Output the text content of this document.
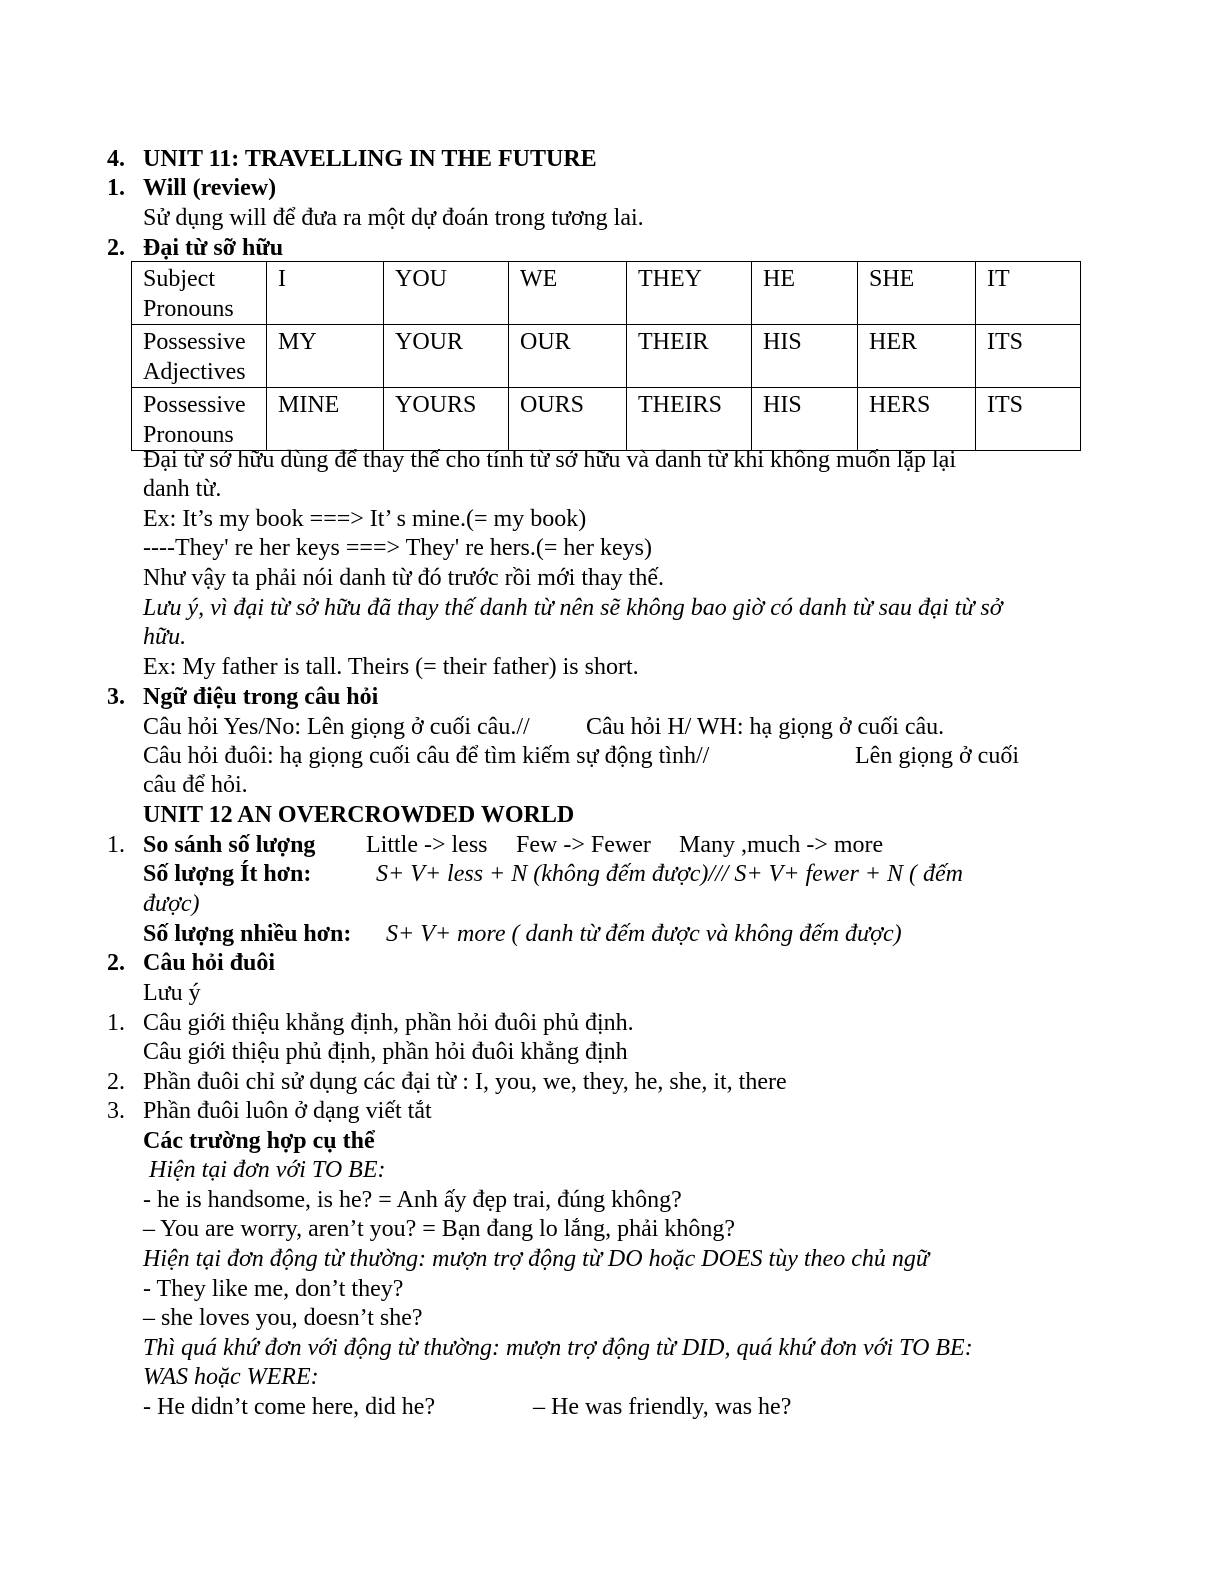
4. UNIT 11: TRAVELLING IN THE FUTURE
1. Will (review)
Sử dụng will để đưa ra một dự đoán trong tương lai.
2. Đại từ sỡ hữu
Subject Pronouns	I	YOU	WE	THEY	HE	SHE	IT
Possessive Adjectives	MY	YOUR	OUR	THEIR	HIS	HER	ITS
Possessive Pronouns	MINE	YOURS	OURS	THEIRS	HIS	HERS	ITS
Đại từ sở hữu dùng để thay thế cho tính từ sở hữu và danh từ khi không muốn lặp lại
danh từ.
Ex: It’s my book ===> It’ s mine.(= my book)
----They' re her keys ===> They' re hers.(= her keys)
Như vậy ta phải nói danh từ đó trước rồi mới thay thế.
Lưu ý, vì đại từ sở hữu đã thay thế danh từ nên sẽ không bao giờ có danh từ sau đại từ sở
hữu.
Ex: My father is tall. Theirs (= their father) is short.
3. Ngữ điệu trong câu hỏi
Câu hỏi Yes/No: Lên giọng ở cuối câu.// Câu hỏi H/ WH: hạ giọng ở cuối câu.
Câu hỏi đuôi: hạ giọng cuối câu để tìm kiếm sự động tình//	Lên giọng ở cuối
câu để hỏi.
UNIT 12 AN OVERCROWDED WORLD
1. So sánh số lượng Little -> less Few -> Fewer Many ,much -> more
Số lượng Ít hơn:	S+ V+ less + N (không đếm được)/// S+ V+ fewer + N ( đếm
được)
Số lượng nhiều hơn: S+ V+ more ( danh từ đếm được và không đếm được)
2. Câu hỏi đuôi
Lưu ý
1. Câu giới thiệu khẳng định, phần hỏi đuôi phủ định.
Câu giới thiệu phủ định, phần hỏi đuôi khẳng định
2. Phần đuôi chỉ sử dụng các đại từ : I, you, we, they, he, she, it, there
3. Phần đuôi luôn ở dạng viết tắt
Các trường hợp cụ thể
Hiện tại đơn với TO BE:
- he is handsome, is he? = Anh ấy đẹp trai, đúng không?
– You are worry, aren’t you? = Bạn đang lo lắng, phải không?
Hiện tại đơn động từ thường: mượn trợ động từ DO hoặc DOES tùy theo chủ ngữ
- They like me, don’t they?
– she loves you, doesn’t she?
Thì quá khứ đơn với động từ thường: mượn trợ động từ DID, quá khứ đơn với TO BE:
WAS hoặc WERE:
- He didn’t come here, did he?	– He was friendly, was he?
